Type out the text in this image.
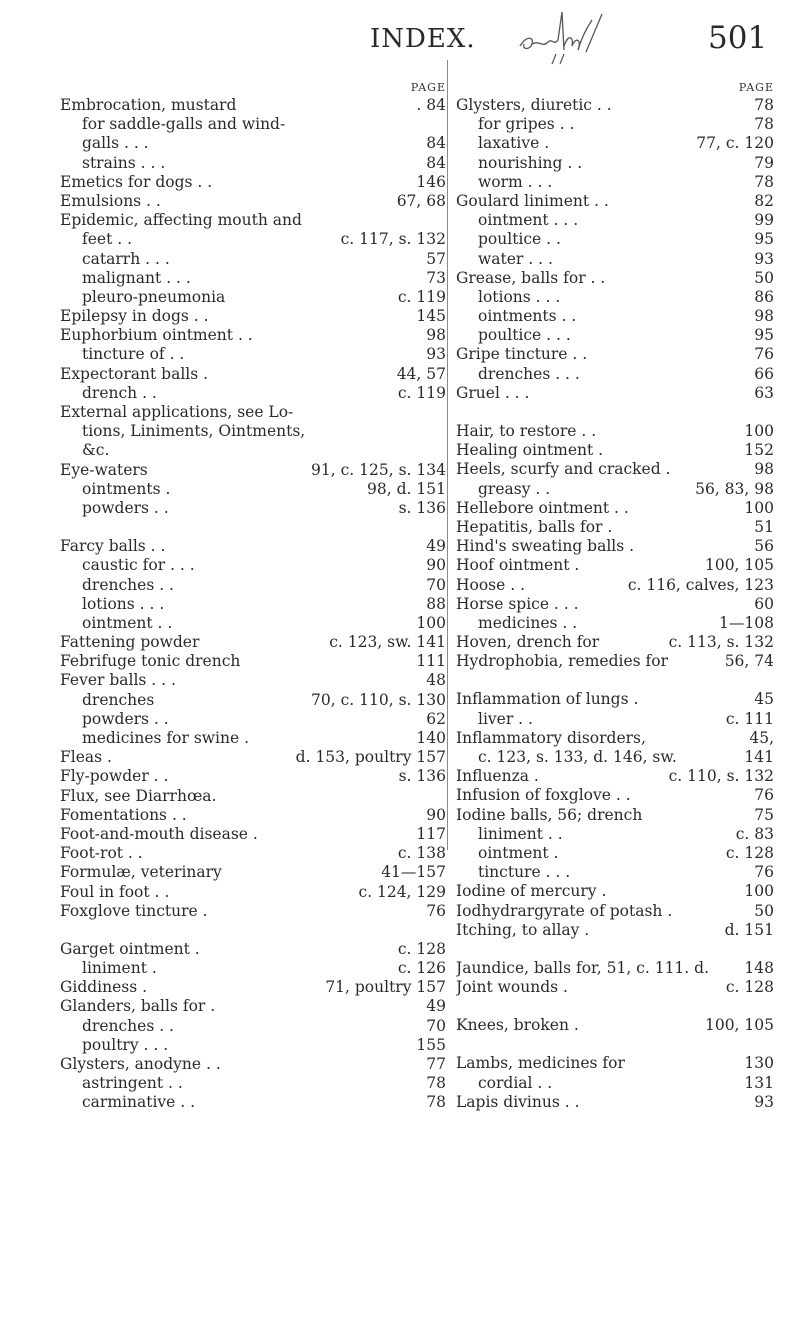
INDEX.	501
PAGE
Embrocation, mustard	. 84
for saddle-galls and wind-
galls . . .	84
strains . . .	84
Emetics for dogs . .	146
Emulsions . .	67, 68
Epidemic, affecting mouth and
feet . .	c. 117, s. 132
catarrh . . .	57
malignant . . .	73
pleuro-pneumonia	c. 119
Epilepsy in dogs . .	145
Euphorbium ointment . .	98
tincture of . .	93
Expectorant balls .	44, 57
drench . .	c. 119
External applications, see Lo-
tions, Liniments, Ointments,
&c.
Eye-waters	91, c. 125, s. 134
ointments .	98, d. 151
powders . .	s. 136
Farcy balls . .	49
caustic for . . .	90
drenches . .	70
lotions . . .	88
ointment . .	100
Fattening powder	c. 123, sw. 141
Febrifuge tonic drench	111
Fever balls . . .	48
drenches	70, c. 110, s. 130
powders . .	62
medicines for swine .	140
Fleas .	d. 153, poultry 157
Fly-powder . .	s. 136
Flux, see Diarrhœa.
Fomentations . .	90
Foot-and-mouth disease .	117
Foot-rot . .	c. 138
Formulæ, veterinary	41—157
Foul in foot . .	c. 124, 129
Foxglove tincture .	76
Garget ointment .	c. 128
liniment .	c. 126
Giddiness .	71, poultry 157
Glanders, balls for .	49
drenches . .	70
poultry . . .	155
Glysters, anodyne . .	77
astringent . .	78
carminative . .	78
PAGE
Glysters, diuretic . .	78
for gripes . .	78
laxative .	77, c. 120
nourishing . .	79
worm . . .	78
Goulard liniment . .	82
ointment . . .	99
poultice . .	95
water . . .	93
Grease, balls for . .	50
lotions . . .	86
ointments . .	98
poultice . . .	95
Gripe tincture . .	76
drenches . . .	66
Gruel . . .	63
Hair, to restore . .	100
Healing ointment .	152
Heels, scurfy and cracked .	98
greasy . .	56, 83, 98
Hellebore ointment . .	100
Hepatitis, balls for .	51
Hind's sweating balls .	56
Hoof ointment .	100, 105
Hoose . .	c. 116, calves, 123
Horse spice . . .	60
medicines . .	1—108
Hoven, drench for	c. 113, s. 132
Hydrophobia, remedies for	56, 74
Inflammation of lungs .	45
liver . .	c. 111
Inflammatory disorders,	45,
c. 123, s. 133, d. 146, sw.	141
Influenza .	c. 110, s. 132
Infusion of foxglove . .	76
Iodine balls, 56; drench	75
liniment . .	c. 83
ointment .	c. 128
tincture . . .	76
Iodine of mercury .	100
Iodhydrargyrate of potash .	50
Itching, to allay .	d. 151
Jaundice, balls for, 51, c. 111. d.	148
Joint wounds .	c. 128
Knees, broken .	100, 105
Lambs, medicines for	130
cordial . .	131
Lapis divinus . .	93
